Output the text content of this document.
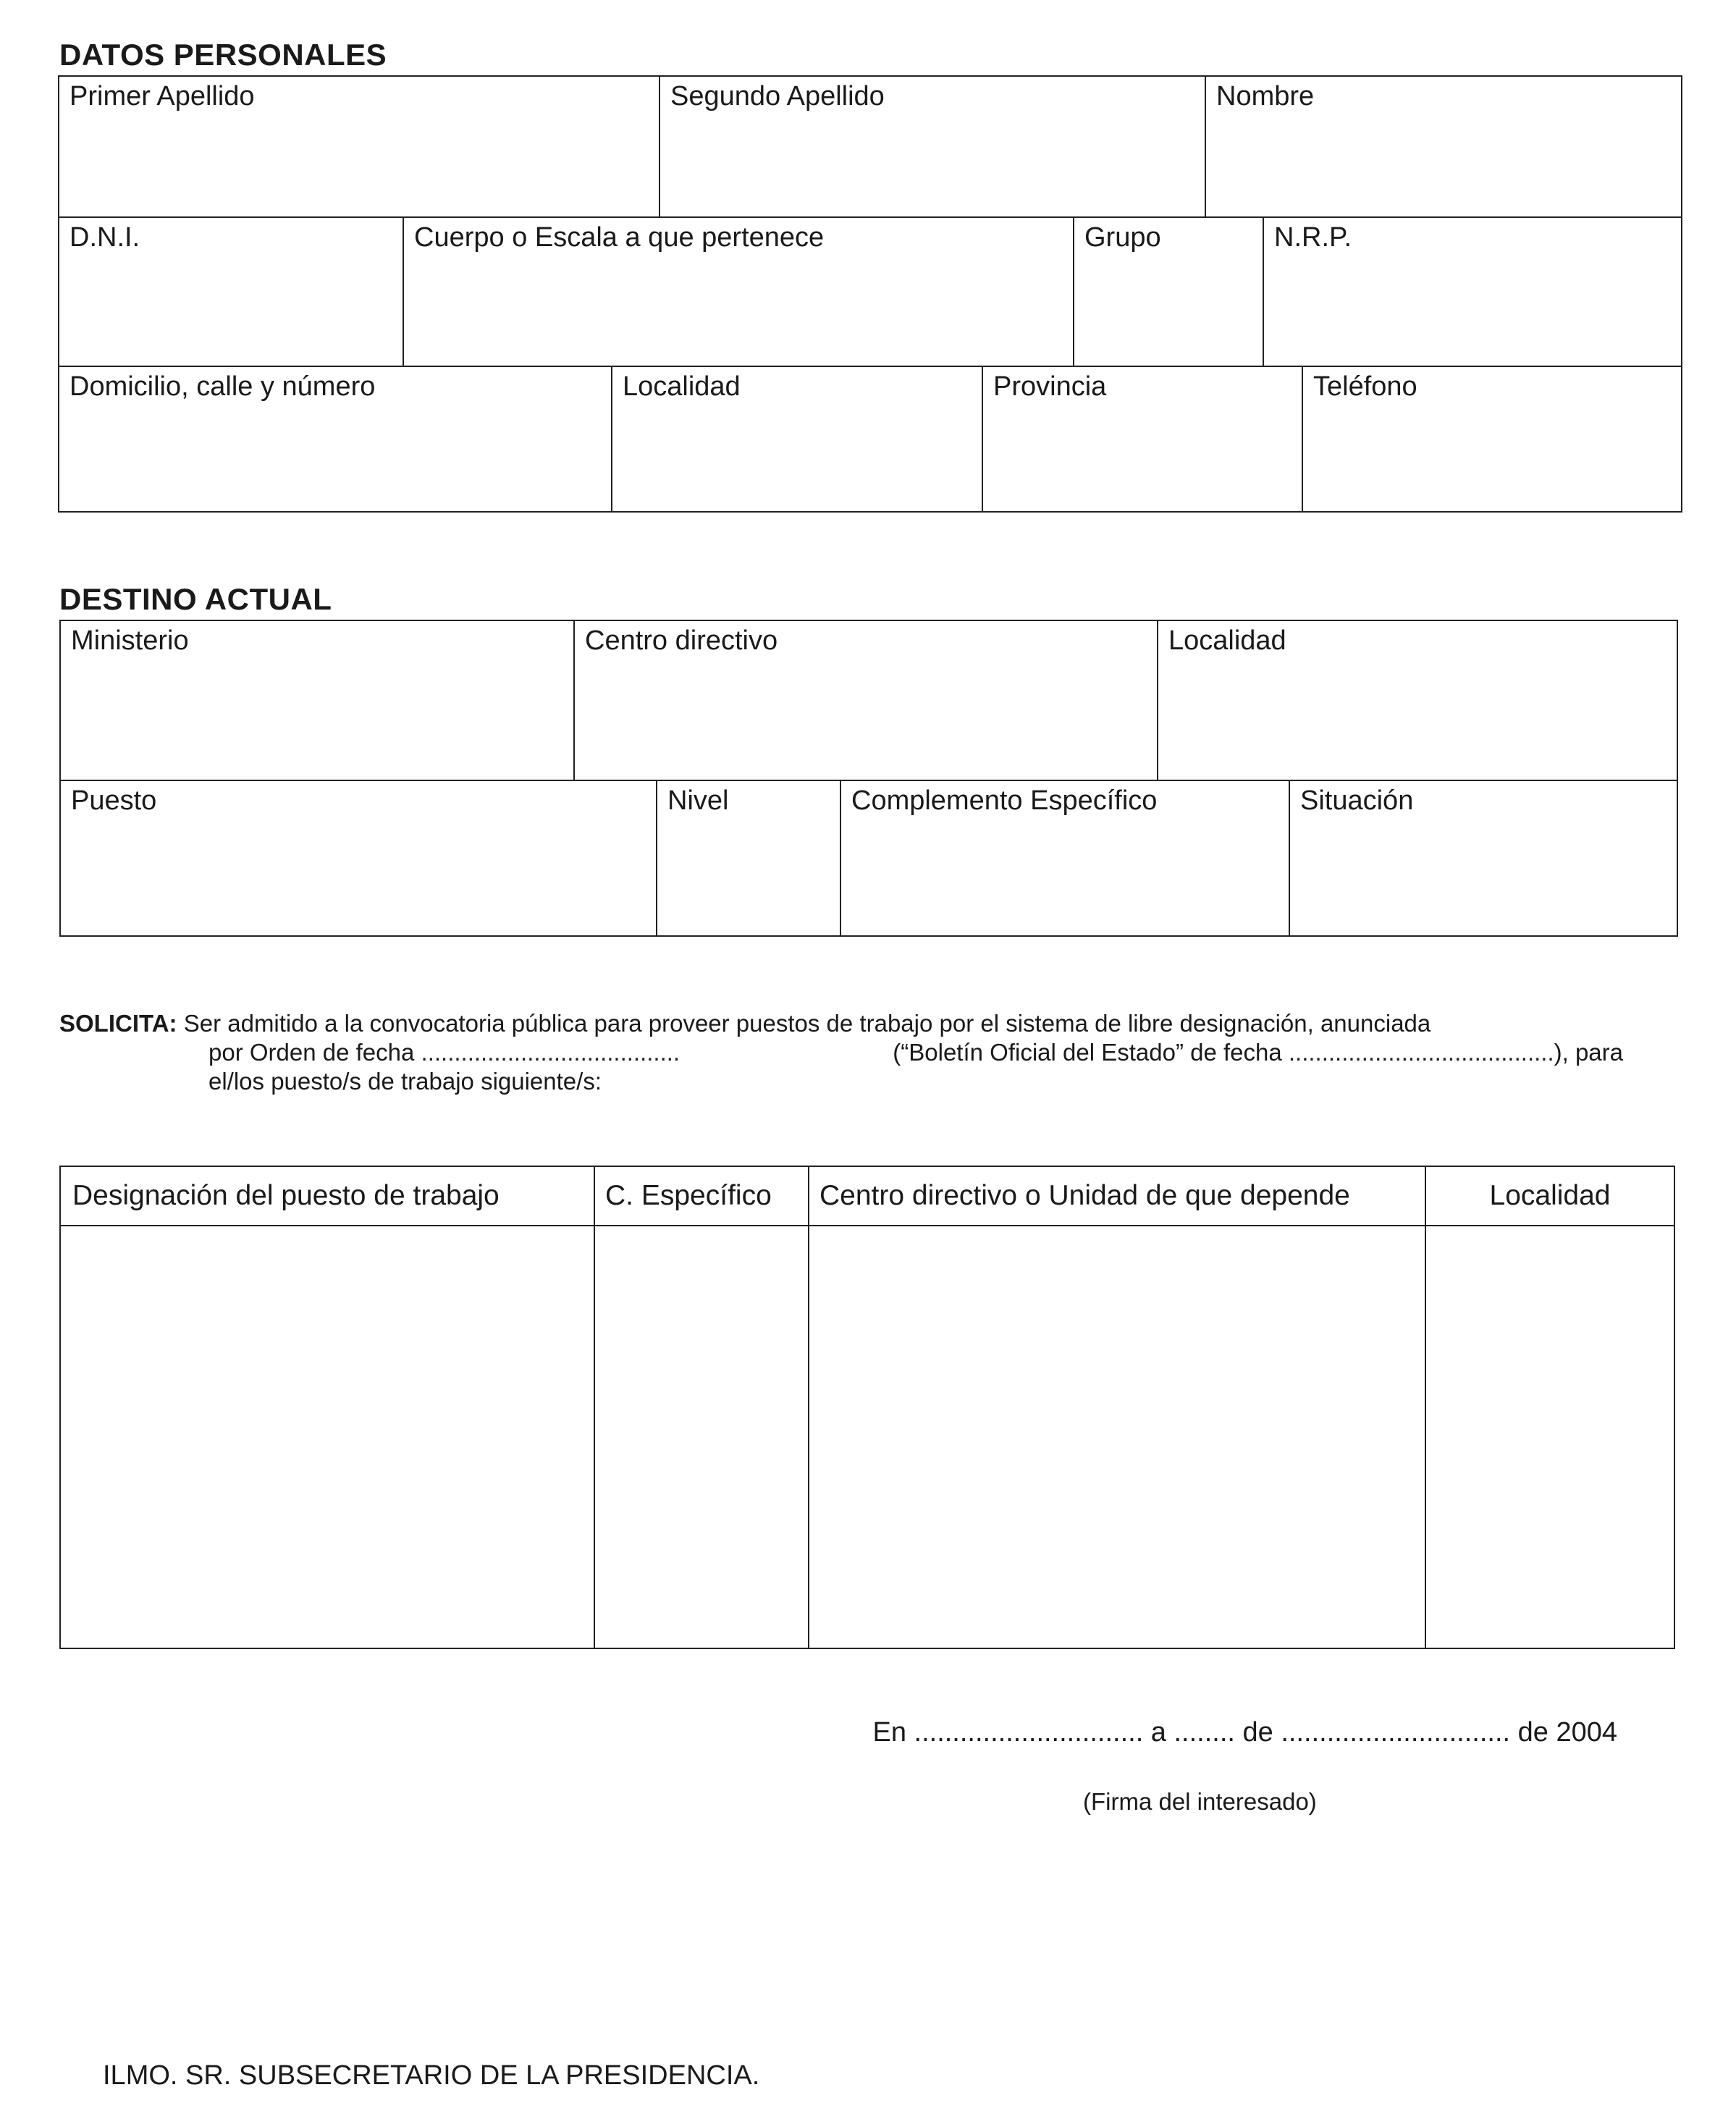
DATOS PERSONALES
Primer Apellido	Segundo Apellido	Nombre
D.N.I.	Cuerpo o Escala a que pertenece	Grupo	N.R.P.
Domicilio, calle y número	Localidad	Provincia	Teléfono
DESTINO ACTUAL
Ministerio	Centro directivo	Localidad
Puesto	Nivel	Complemento Específico	Situación
SOLICITA: Ser admitido a la convocatoria pública para proveer puestos de trabajo por el sistema de libre designación, anunciada
por Orden de fecha .......................................	(“Boletín Oficial del Estado” de fecha ........................................), para
el/los puesto/s de trabajo siguiente/s:
Designación del puesto de trabajo	C. Específico	Centro directivo o Unidad de que depende	Localidad
En .............................. a ........ de .............................. de 2004
(Firma del interesado)
ILMO. SR. SUBSECRETARIO DE LA PRESIDENCIA.
